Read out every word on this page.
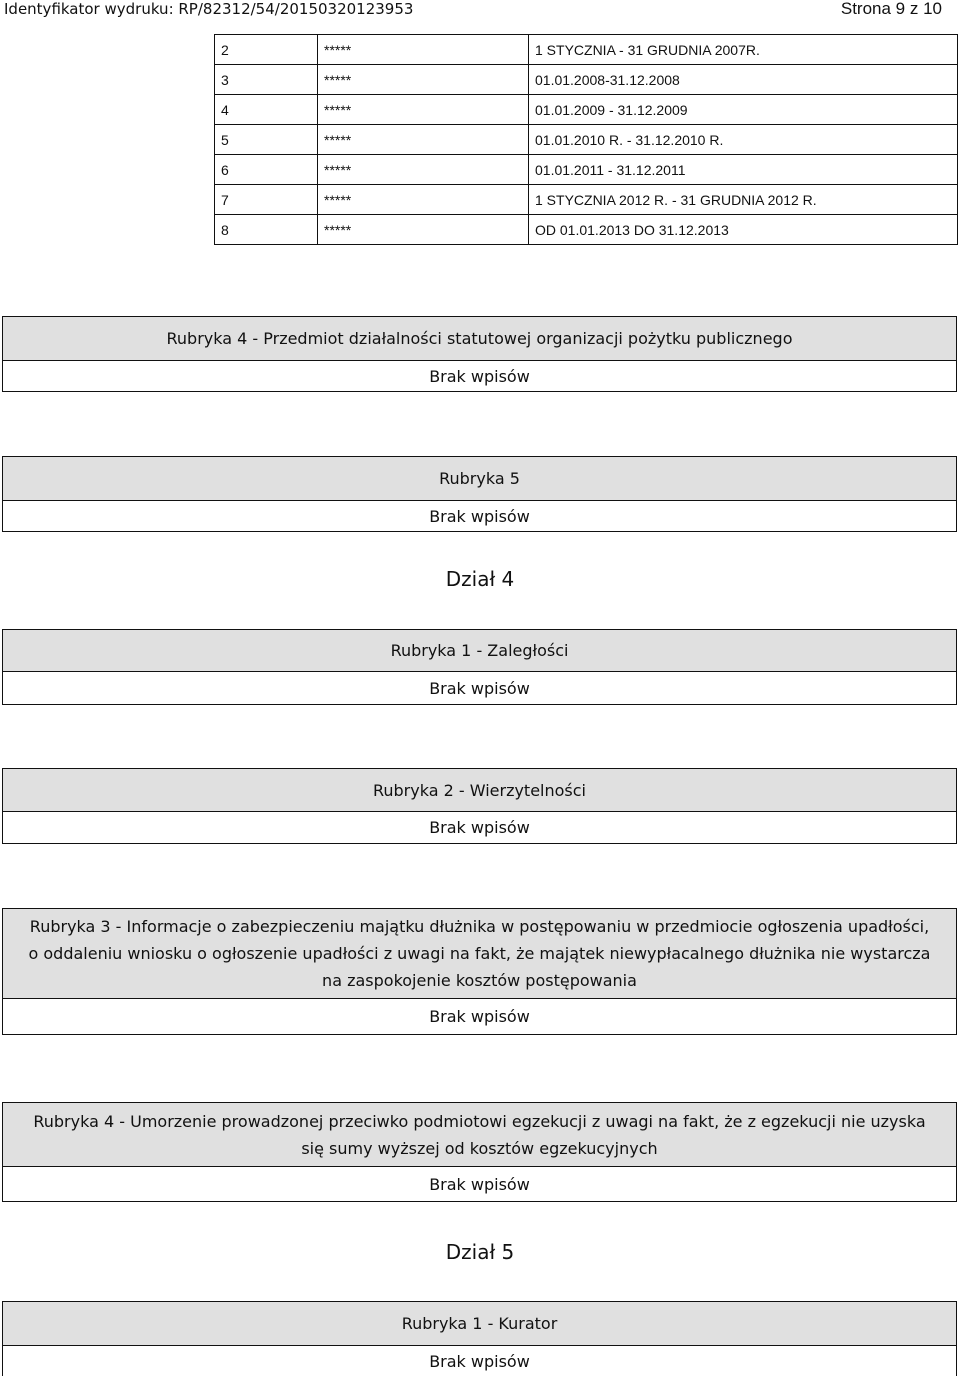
Identyfikator wydruku: RP/82312/54/20150320123953	Strona 9 z 10
2	*****	1 STYCZNIA - 31 GRUDNIA 2007R.
3	*****	01.01.2008-31.12.2008
4	*****	01.01.2009 - 31.12.2009
5	*****	01.01.2010 R. - 31.12.2010 R.
6	*****	01.01.2011 - 31.12.2011
7	*****	1 STYCZNIA 2012 R. - 31 GRUDNIA 2012 R.
8	*****	OD 01.01.2013 DO 31.12.2013
Rubryka 4 - Przedmiot działalności statutowej organizacji pożytku publicznego
Brak wpisów
Rubryka 5
Brak wpisów
Dział 4
Rubryka 1 - Zaległości
Brak wpisów
Rubryka 2 - Wierzytelności
Brak wpisów
Rubryka 3 - Informacje o zabezpieczeniu majątku dłużnika w postępowaniu w przedmiocie ogłoszenia upadłości, o oddaleniu wniosku o ogłoszenie upadłości z uwagi na fakt, że majątek niewypłacalnego dłużnika nie wystarcza na zaspokojenie kosztów postępowania
Brak wpisów
Rubryka 4 - Umorzenie prowadzonej przeciwko podmiotowi egzekucji z uwagi na fakt, że z egzekucji nie uzyska się sumy wyższej od kosztów egzekucyjnych
Brak wpisów
Dział 5
Rubryka 1 - Kurator
Brak wpisów
